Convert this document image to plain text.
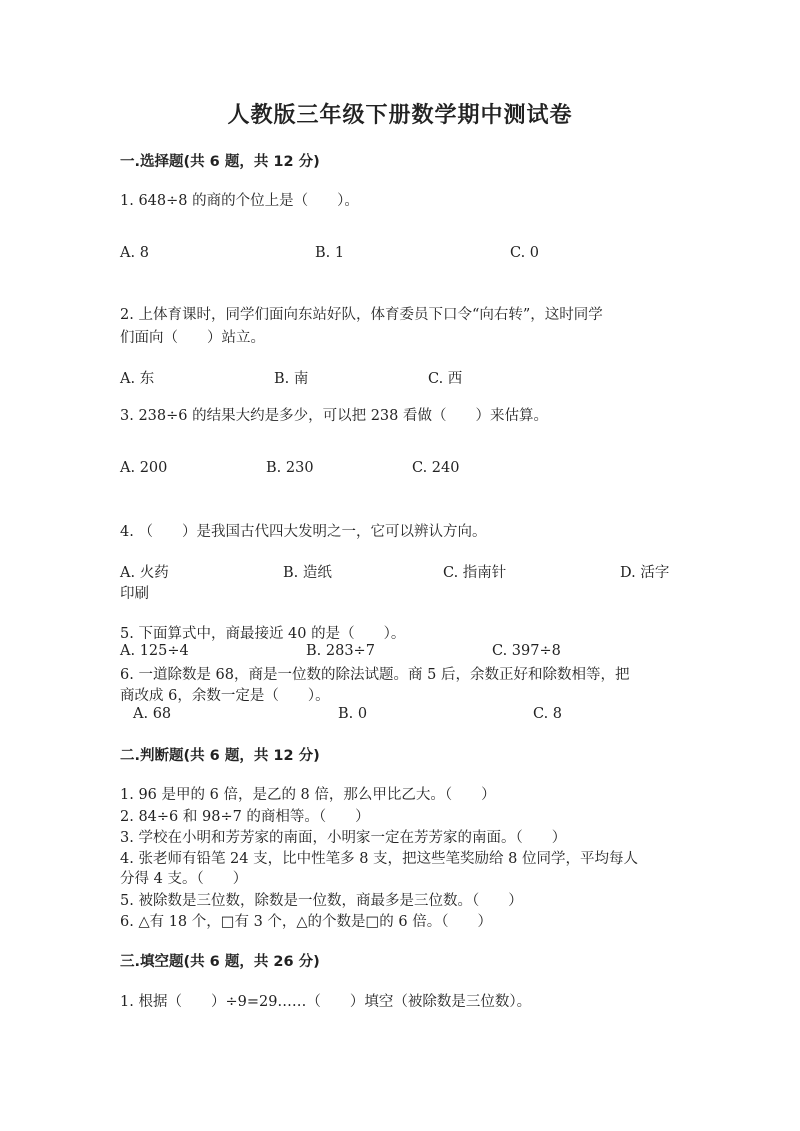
人教版三年级下册数学期中测试卷
一.选择题(共 6 题，共 12 分)
1. 648÷8 的商的个位上是（　　）。
A. 8	B. 1	C. 0
2. 上体育课时，同学们面向东站好队，体育委员下口令“向右转”，这时同学
们面向（　　）站立。
A. 东	B. 南	C. 西
3. 238÷6 的结果大约是多少，可以把 238 看做（　　）来估算。
A. 200	B. 230	C. 240
4. （　　）是我国古代四大发明之一，它可以辨认方向。
A. 火药	B. 造纸	C. 指南针	D. 活字
印刷
5. 下面算式中，商最接近 40 的是（　　）。
A. 125÷4	B. 283÷7	C. 397÷8
6. 一道除数是 68，商是一位数的除法试题。商 5 后，余数正好和除数相等，把
商改成 6，余数一定是（　　）。
A. 68	B. 0	C. 8
二.判断题(共 6 题，共 12 分)
1. 96 是甲的 6 倍，是乙的 8 倍，那么甲比乙大。（　　）
2. 84÷6 和 98÷7 的商相等。（　　）
3. 学校在小明和芳芳家的南面，小明家一定在芳芳家的南面。（　　）
4. 张老师有铅笔 24 支，比中性笔多 8 支，把这些笔奖励给 8 位同学，平均每人
分得 4 支。（　　）
5. 被除数是三位数，除数是一位数，商最多是三位数。（　　）
6. △有 18 个，□有 3 个，△的个数是□的 6 倍。（　　）
三.填空题(共 6 题，共 26 分)
1. 根据（　　）÷9=29……（　　）填空（被除数是三位数）。
